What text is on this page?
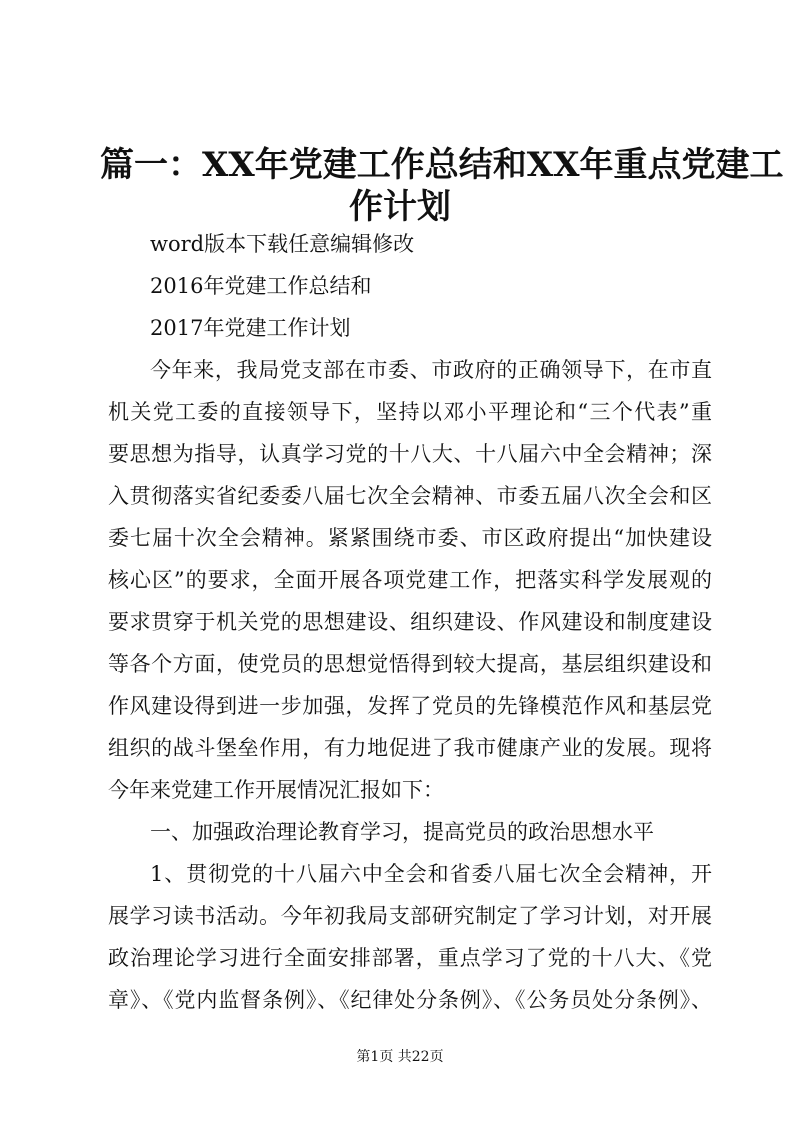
篇一：XX年党建工作总结和XX年重点党建工
作计划

word版本下载任意编辑修改

2016年党建工作总结和

2017年党建工作计划

今年来，我局党支部在市委、市政府的正确领导下，在市直

机关党工委的直接领导下，坚持以邓小平理论和“三个代表”重

要思想为指导，认真学习党的十八大、十八届六中全会精神；深

入贯彻落实省纪委委八届七次全会精神、市委五届八次全会和区

委七届十次全会精神。紧紧围绕市委、市区政府提出“加快建设

核心区”的要求，全面开展各项党建工作，把落实科学发展观的

要求贯穿于机关党的思想建设、组织建设、作风建设和制度建设

等各个方面，使党员的思想觉悟得到较大提高，基层组织建设和

作风建设得到进一步加强，发挥了党员的先锋模范作风和基层党

组织的战斗堡垒作用，有力地促进了我市健康产业的发展。现将

今年来党建工作开展情况汇报如下：

一、加强政治理论教育学习，提高党员的政治思想水平

1、贯彻党的十八届六中全会和省委八届七次全会精神，开

展学习读书活动。今年初我局支部研究制定了学习计划，对开展

政治理论学习进行全面安排部署，重点学习了党的十八大、《党

章》、《党内监督条例》、《纪律处分条例》、《公务员处分条例》、

第1页 共22页
